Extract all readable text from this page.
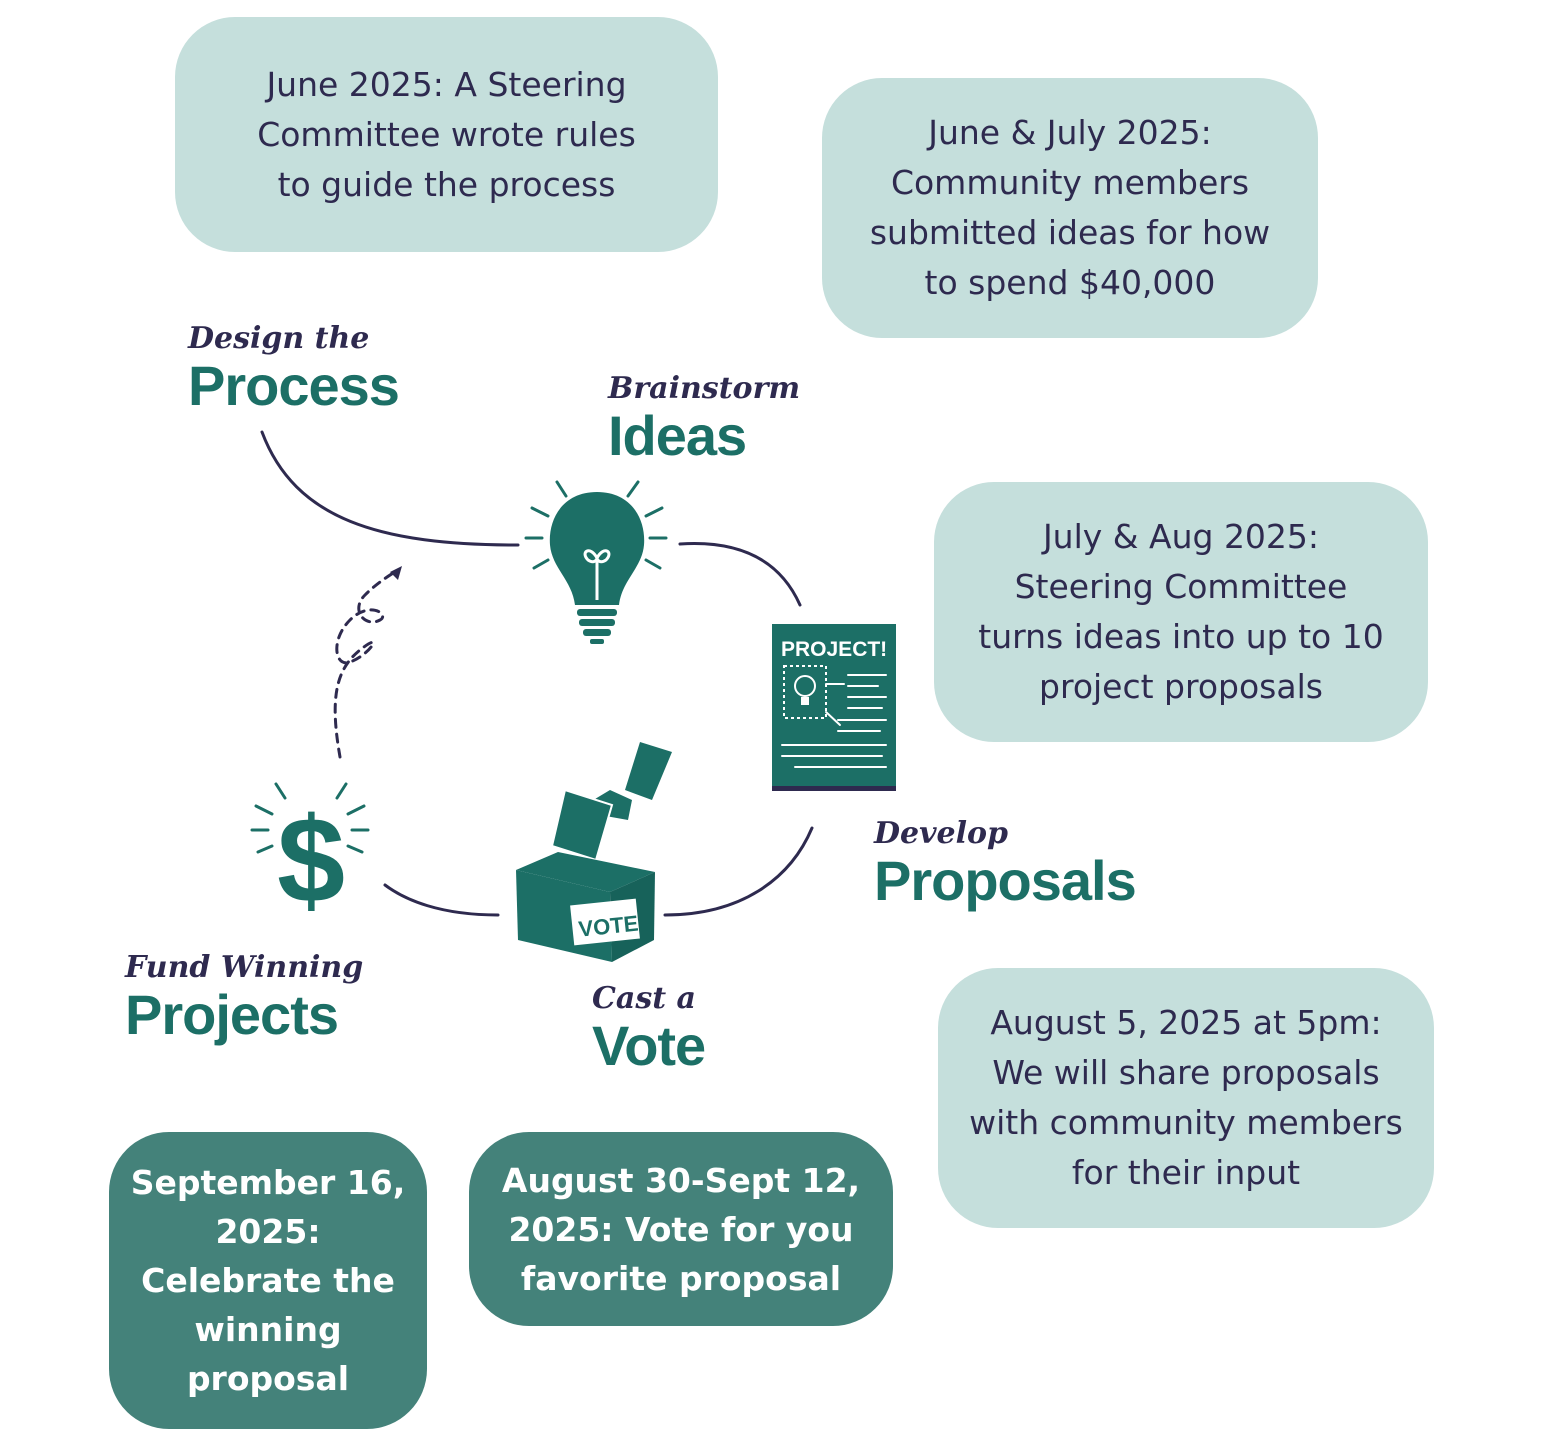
June 2025: A Steering
Committee wrote rules
to guide the process
June & July 2025:
Community members
submitted ideas for how
to spend $40,000
July & Aug 2025:
Steering Committee
turns ideas into up to 10
project proposals
August 5, 2025 at 5pm:
We will share proposals
with community members
for their input
August 30-Sept 12,
2025: Vote for you
favorite proposal
September 16,
2025:
Celebrate the
winning
proposal
Design the
Process	Brainstorm
Ideas
Develop
Proposals
Cast a
Vote
Fund Winning
Projects
PROJECT!
VOTE
$
